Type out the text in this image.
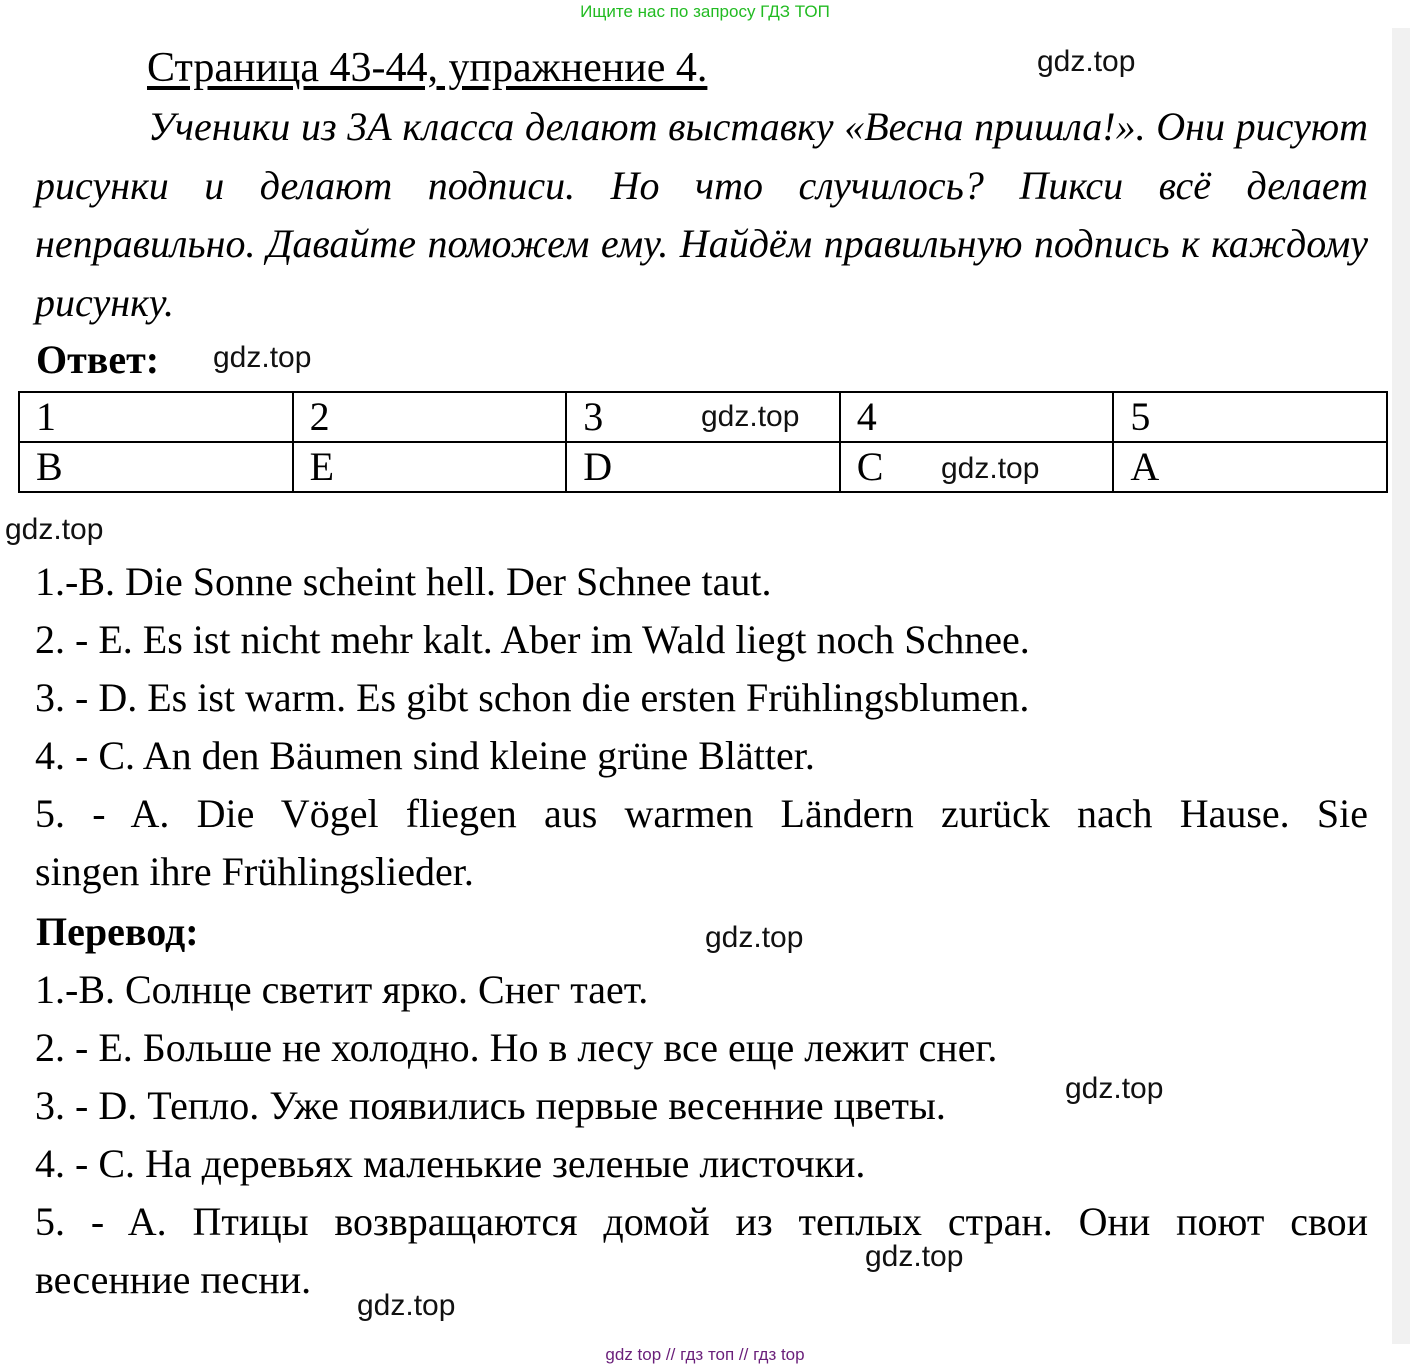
Ищите нас по запросу ГДЗ ТОП
Страница 43-44, упражнение 4.

Ученики из 3А класса делают выставку «Весна пришла!». Они рисуют рисунки и делают подписи. Но что случилось? Пикси всё делает неправильно. Давайте поможем ему. Найдём правильную подпись к каждому рисунку.

Ответ:
1	2	3	4	5
B	E	D	C	A
1.-B. Die Sonne scheint hell. Der Schnee taut.
2. - E. Es ist nicht mehr kalt. Aber im Wald liegt noch Schnee.
3. - D. Es ist warm. Es gibt schon die ersten Frühlingsblumen.
4. - C. An den Bäumen sind kleine grüne Blätter.
5. - A. Die Vögel fliegen aus warmen Ländern zurück nach Hause. Sie
singen ihre Frühlingslieder.
Перевод:
1.-B. Солнце светит ярко. Снег тает.
2. - E. Больше не холодно. Но в лесу все еще лежит снег.
3. - D. Тепло. Уже появились первые весенние цветы.
4. - C. На деревьях маленькие зеленые листочки.
5. - A. Птицы возвращаются домой из теплых стран. Они поют свои
весенние песни.
gdz.top
gdz.top
gdz.top
gdz.top
gdz.top
gdz.top
gdz.top
gdz.top
gdz.top
gdz top // гдз топ // гдз top
